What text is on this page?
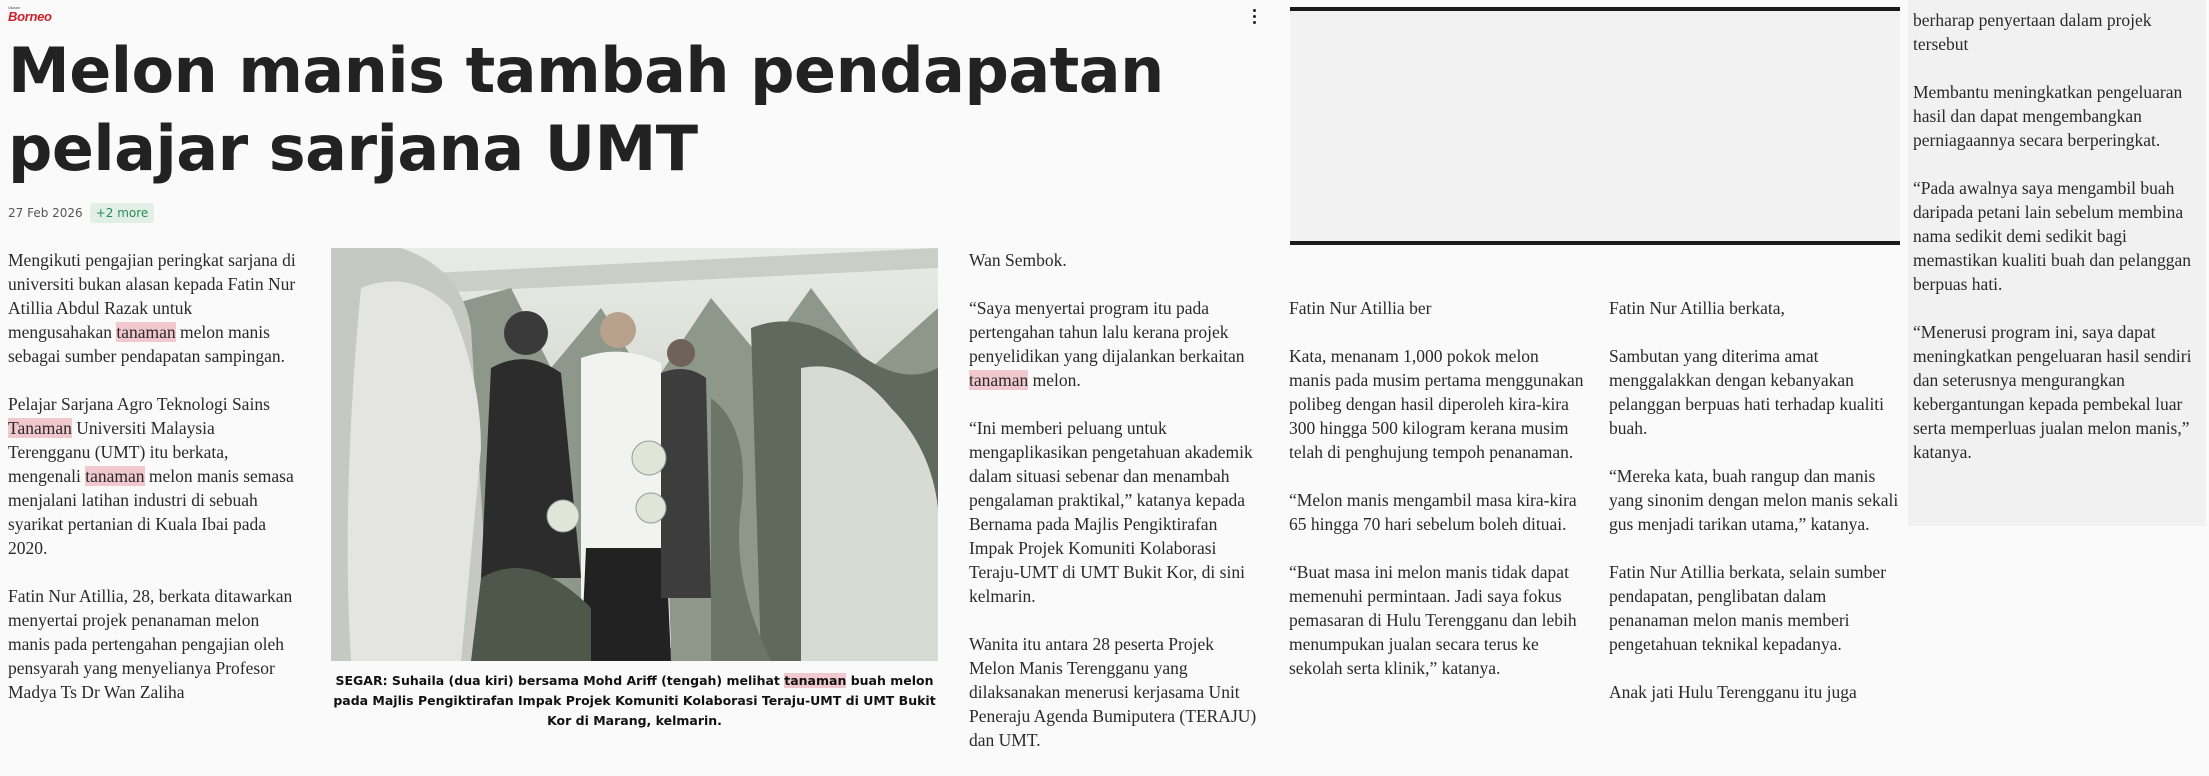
Utusan
Borneo
Melon manis tambah pendapatan pelajar sarjana UMT
27 Feb 2026	+2 more

Mengikuti pengajian peringkat sarjana di universiti bukan alasan kepada Fatin Nur Atillia Abdul Razak untuk mengusahakan tanaman melon manis sebagai sumber pendapatan sampingan.

Pelajar Sarjana Agro Teknologi Sains Tanaman Universiti Malaysia Terengganu (UMT) itu berkata, mengenali tanaman melon manis semasa menjalani latihan industri di sebuah syarikat pertanian di Kuala Ibai pada 2020.

Fatin Nur Atillia, 28, berkata ditawarkan menyertai projek penanaman melon manis pada pertengahan pengajian oleh pensyarah yang menyelianya Profesor Madya Ts Dr Wan Zaliha

SEGAR: Suhaila (dua kiri) bersama Mohd Ariff (tengah) melihat tanaman buah melon pada Majlis Pengiktirafan Impak Projek Komuniti Kolaborasi Teraju-UMT di UMT Bukit Kor di Marang, kelmarin.

Wan Sembok.

“Saya menyertai program itu pada pertengahan tahun lalu kerana projek penyelidikan yang dijalankan berkaitan tanaman melon.

“Ini memberi peluang untuk mengaplikasikan pengetahuan akademik dalam situasi sebenar dan menambah pengalaman praktikal,” katanya kepada Bernama pada Majlis Pengiktirafan Impak Projek Komuniti Kolaborasi Teraju-UMT di UMT Bukit Kor, di sini kelmarin.

Wanita itu antara 28 peserta Projek Melon Manis Terengganu yang dilaksanakan menerusi kerjasama Unit Peneraju Agenda Bumiputera (TERAJU) dan UMT.

Fatin Nur Atillia ber

Kata, menanam 1,000 pokok melon manis pada musim pertama menggunakan polibeg dengan hasil diperoleh kira-kira 300 hingga 500 kilogram kerana musim telah di penghujung tempoh penanaman.

“Melon manis mengambil masa kira-kira 65 hingga 70 hari sebelum boleh dituai.

“Buat masa ini melon manis tidak dapat memenuhi permintaan. Jadi saya fokus pemasaran di Hulu Terengganu dan lebih menumpukan jualan secara terus ke sekolah serta klinik,” katanya.

Fatin Nur Atillia berkata,

Sambutan yang diterima amat menggalakkan dengan kebanyakan pelanggan berpuas hati terhadap kualiti buah.

“Mereka kata, buah rangup dan manis yang sinonim dengan melon manis sekali gus menjadi tarikan utama,” katanya.

Fatin Nur Atillia berkata, selain sumber pendapatan, penglibatan dalam penanaman melon manis memberi pengetahuan teknikal kepadanya.

Anak jati Hulu Terengganu itu juga

berharap penyertaan dalam projek tersebut

Membantu meningkatkan pengeluaran hasil dan dapat mengembangkan perniagaannya secara berperingkat.

“Pada awalnya saya mengambil buah daripada petani lain sebelum membina nama sedikit demi sedikit bagi memastikan kualiti buah dan pelanggan berpuas hati.

“Menerusi program ini, saya dapat meningkatkan pengeluaran hasil sendiri dan seterusnya mengurangkan kebergantungan kepada pembekal luar serta memperluas jualan melon manis,” katanya.
